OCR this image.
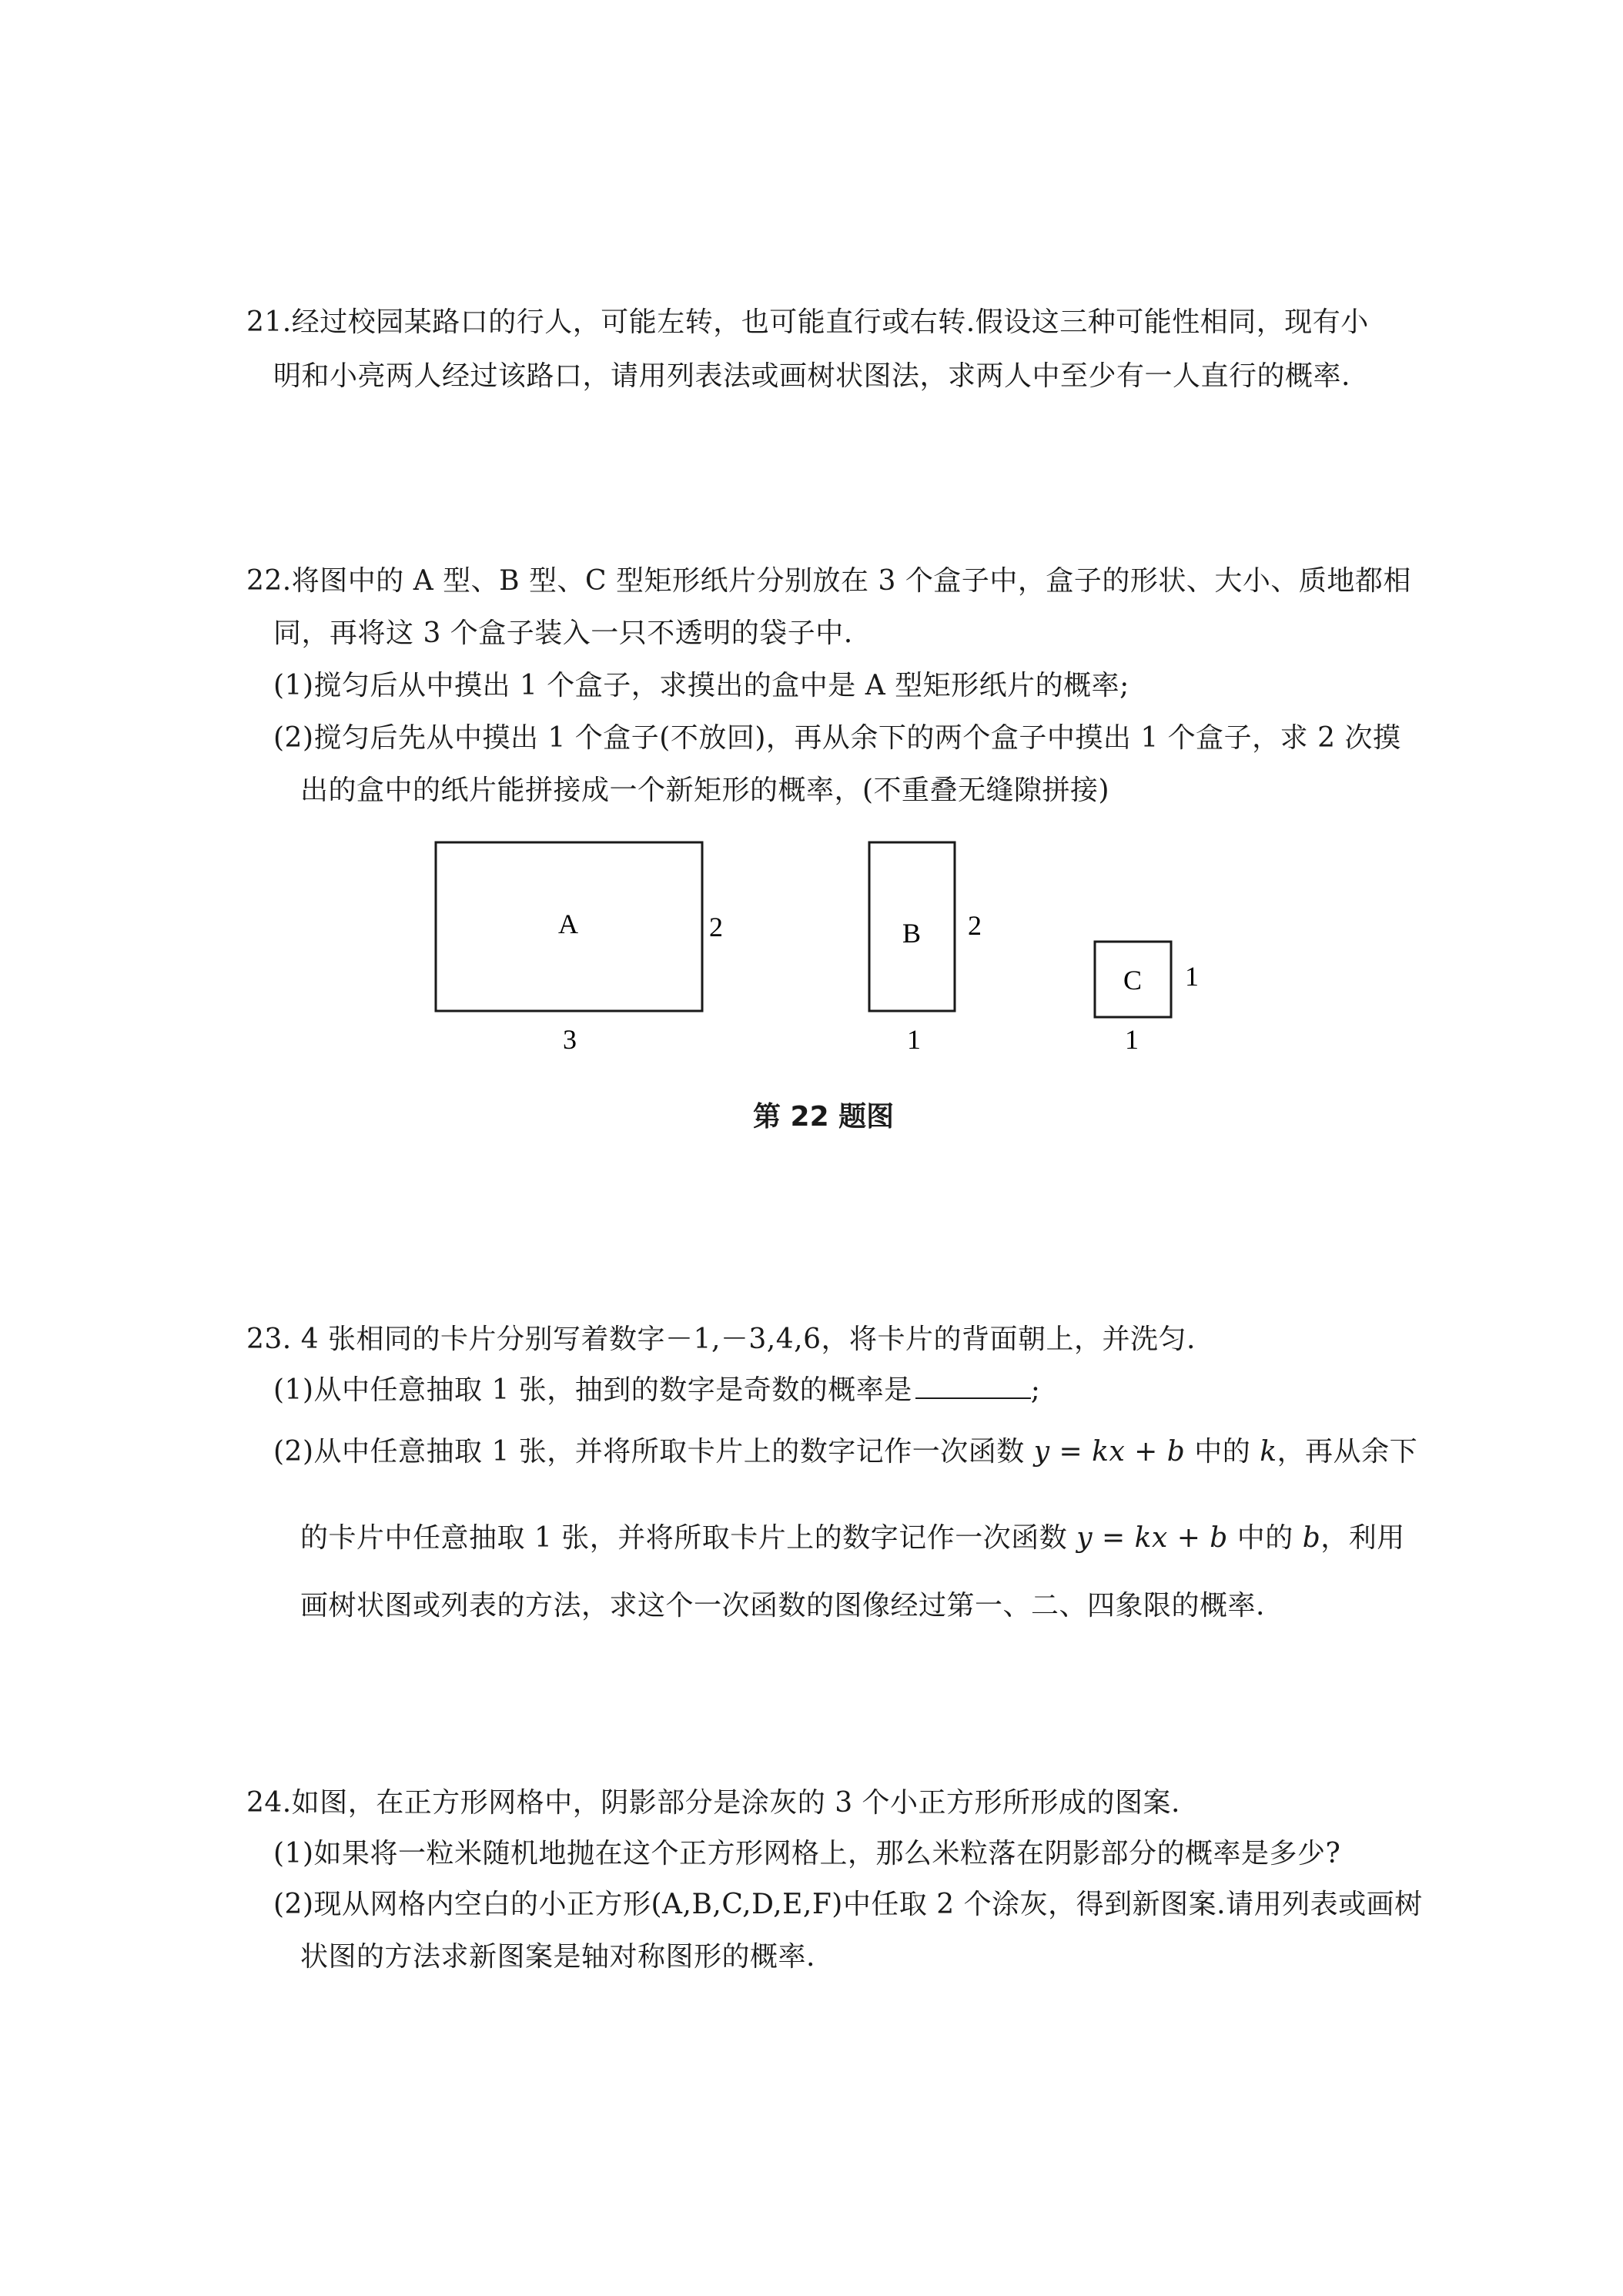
21.经过校园某路口的行人，可能左转，也可能直行或右转.假设这三种可能性相同，现有小
明和小亮两人经过该路口，请用列表法或画树状图法，求两人中至少有一人直行的概率.
22.将图中的 A 型、B 型、C 型矩形纸片分别放在 3 个盒子中，盒子的形状、大小、质地都相
同，再将这 3 个盒子装入一只不透明的袋子中.
(1)搅匀后从中摸出 1 个盒子，求摸出的盒中是 A 型矩形纸片的概率;
(2)搅匀后先从中摸出 1 个盒子(不放回)，再从余下的两个盒子中摸出 1 个盒子，求 2 次摸
出的盒中的纸片能拼接成一个新矩形的概率，(不重叠无缝隙拼接)
A	2
3
B 2
1
C 1
1
第 22 题图
23. 4 张相同的卡片分别写着数字－1,－3,4,6，将卡片的背面朝上，并洗匀.
(1)从中任意抽取 1 张，抽到的数字是奇数的概率是	;
(2)从中任意抽取 1 张，并将所取卡片上的数字记作一次函数 y = kx + b 中的 k，再从余下
的卡片中任意抽取 1 张，并将所取卡片上的数字记作一次函数 y = kx + b 中的 b，利用
画树状图或列表的方法，求这个一次函数的图像经过第一、二、四象限的概率.
24.如图，在正方形网格中，阴影部分是涂灰的 3 个小正方形所形成的图案.
(1)如果将一粒米随机地抛在这个正方形网格上，那么米粒落在阴影部分的概率是多少?
(2)现从网格内空白的小正方形(A,B,C,D,E,F)中任取 2 个涂灰，得到新图案.请用列表或画树
状图的方法求新图案是轴对称图形的概率.
